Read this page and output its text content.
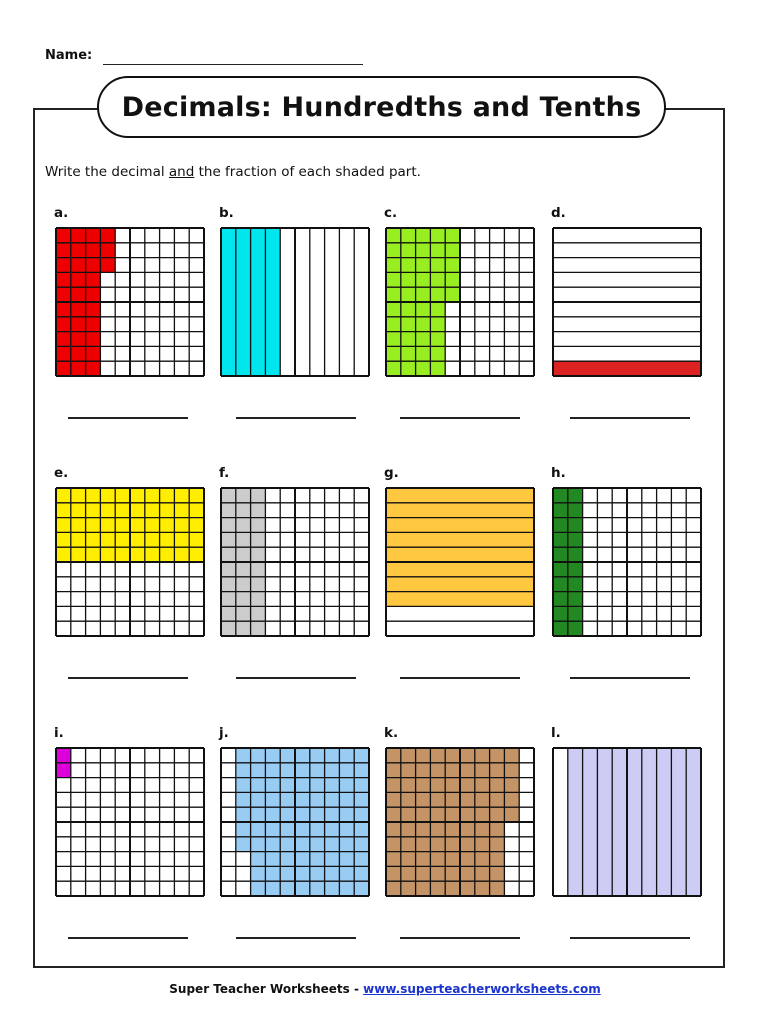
Name:
Decimals: Hundredths and Tenths
Write the decimal and the fraction of each shaded part.
a.	b.	c.	d.
e.	f.	g.	h.
i.	j.	k.	l.
Super Teacher Worksheets - www.superteacherworksheets.com
